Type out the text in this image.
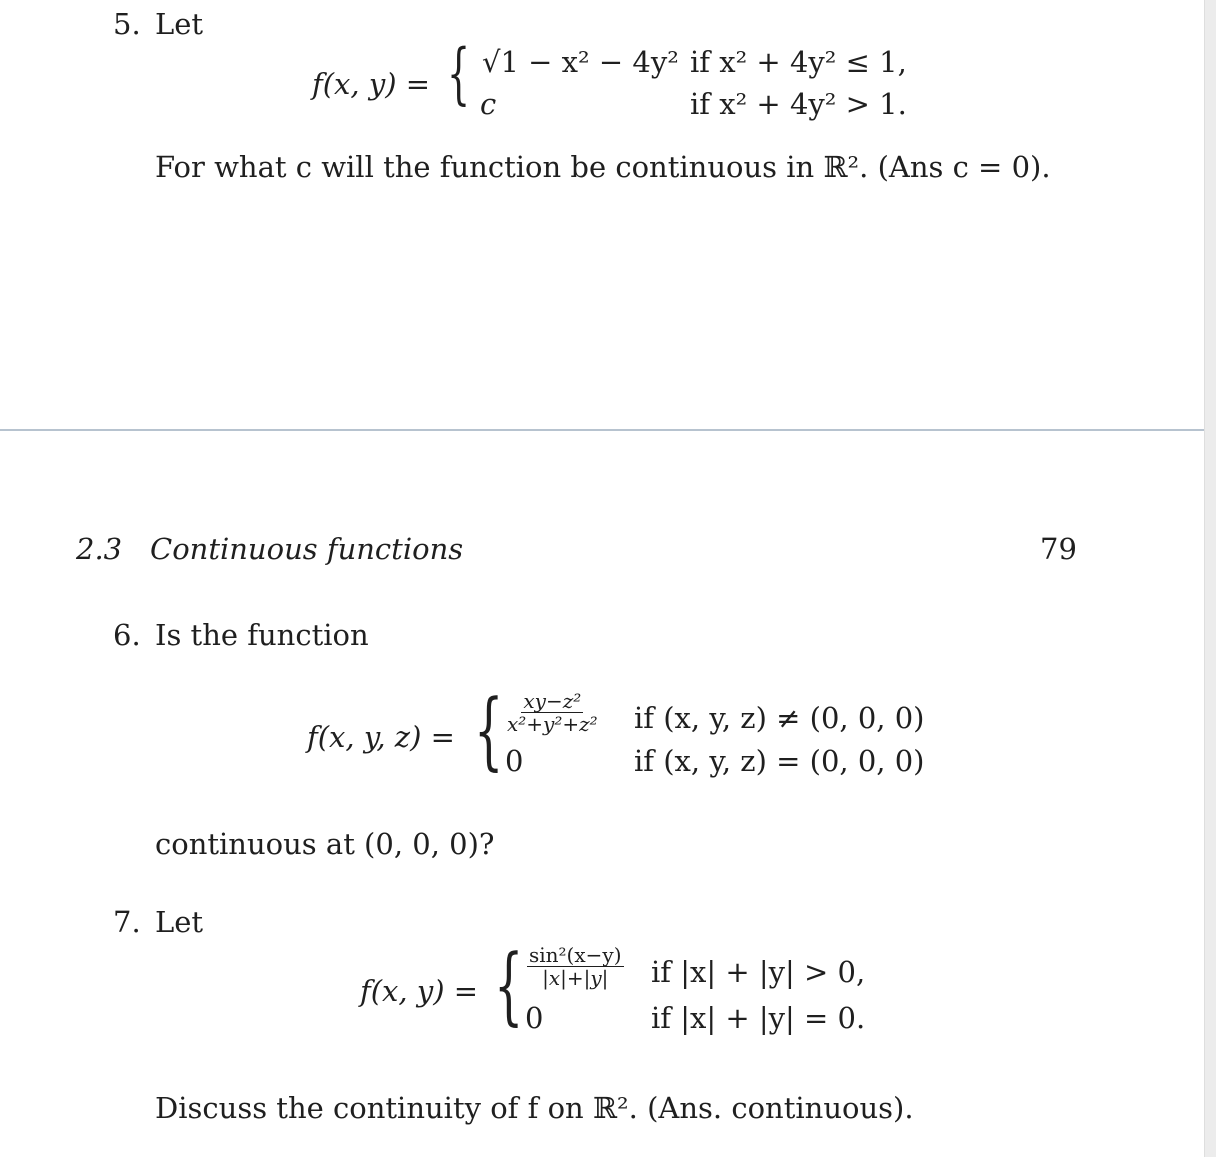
5. Let
f(x, y) = { √1 − x² − 4y² if x² + 4y² ≤ 1,
c	if x² + 4y² > 1.
For what c will the function be continuous in ℝ². (Ans c = 0).
2.3 Continuous functions	79
6. Is the function
f(x, y, z) = { $\frac{\text{xy−z²}}{\text{x²+y²+z²}}$ if (x, y, z) ≠ (0, 0, 0)
0	if (x, y, z) = (0, 0, 0)
continuous at (0, 0, 0)?
7. Let
f(x, y) = { $\frac{\text{sin²(x−y)}}{|x|+|y|}$ if |x| + |y| > 0,
0	if |x| + |y| = 0.
Discuss the continuity of f on ℝ². (Ans. continuous).
